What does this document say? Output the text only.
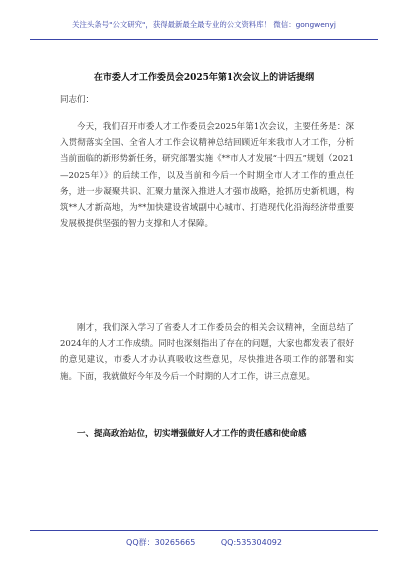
关注头条号"公文研究"，获得最新最全最专业的公文资料库！ 微信：gongwenyj
在市委人才工作委员会2025年第1次会议上的讲话提纲
同志们：

今天，我们召开市委人才工作委员会2025年第1次会议，主要任务是：深入贯彻落实全国、全省人才工作会议精神总结回顾近年来我市人才工作，分析当前面临的新形势新任务，研究部署实施《**市人才发展“十四五”规划（2021—2025年）》的后续工作，以及当前和今后一个时期全市人才工作的重点任务，进一步凝聚共识、汇聚力量深入推进人才强市战略，抢抓历史新机遇，构筑**人才新高地，为**加快建设省域副中心城市、打造现代化沿海经济带重要发展极提供坚强的智力支撑和人才保障。

刚才，我们深入学习了省委人才工作委员会的相关会议精神，全面总结了2024年的人才工作成绩。同时也深刻指出了存在的问题，大家也都发表了很好的意见建议，市委人才办认真吸收这些意见，尽快推进各项工作的部署和实施。下面，我就做好今年及今后一个时期的人才工作，讲三点意见。

一、提高政治站位，切实增强做好人才工作的责任感和使命感

QQ群：30265665	QQ:535304092
